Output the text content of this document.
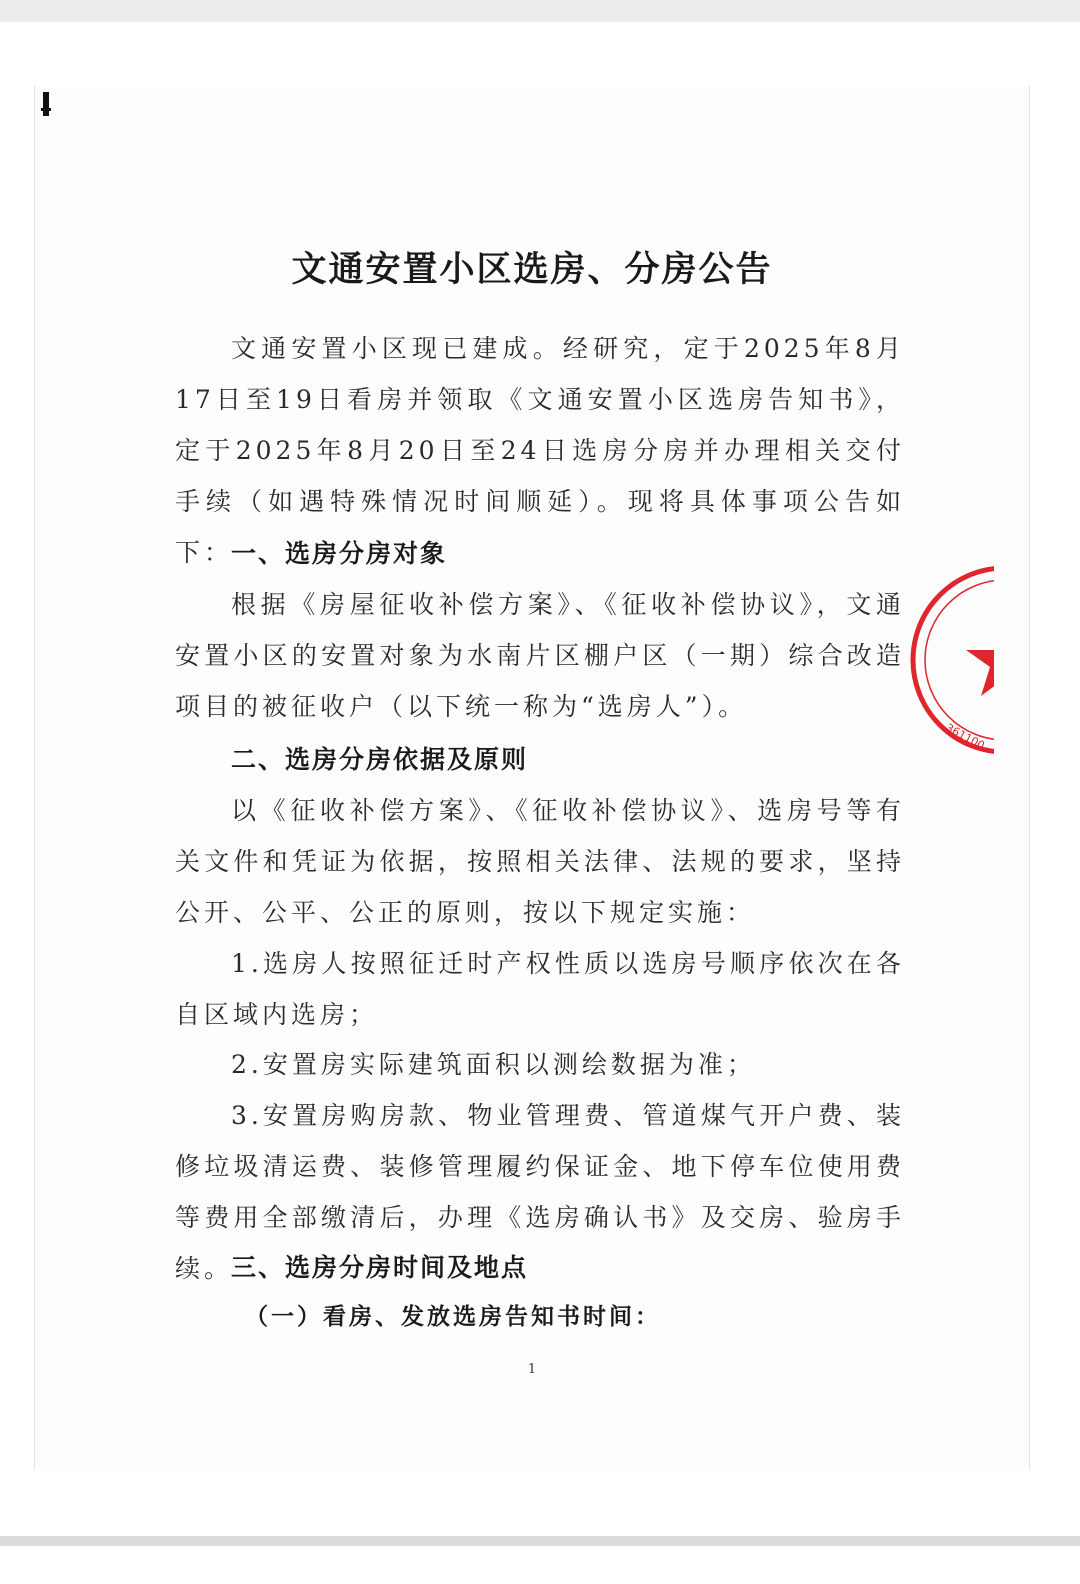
文通安置小区选房、分房公告
文通安置小区现已建成。经研究，定于2025年8月17日至19日看房并领取《文通安置小区选房告知书》，定于2025年8月20日至24日选房分房并办理相关交付手续（如遇特殊情况时间顺延）。现将具体事项公告如下：
一、选房分房对象
根据《房屋征收补偿方案》、《征收补偿协议》，文通安置小区的安置对象为水南片区棚户区（一期）综合改造项目的被征收户（以下统一称为“选房人”）。
二、选房分房依据及原则
以《征收补偿方案》、《征收补偿协议》、选房号等有关文件和凭证为依据，按照相关法律、法规的要求，坚持公开、公平、公正的原则，按以下规定实施：
1.选房人按照征迁时产权性质以选房号顺序依次在各自区域内选房；
2.安置房实际建筑面积以测绘数据为准；
3.安置房购房款、物业管理费、管道煤气开户费、装修垃圾清运费、装修管理履约保证金、地下停车位使用费等费用全部缴清后，办理《选房确认书》及交房、验房手续。
三、选房分房时间及地点
（一）看房、发放选房告知书时间：
1
361100
